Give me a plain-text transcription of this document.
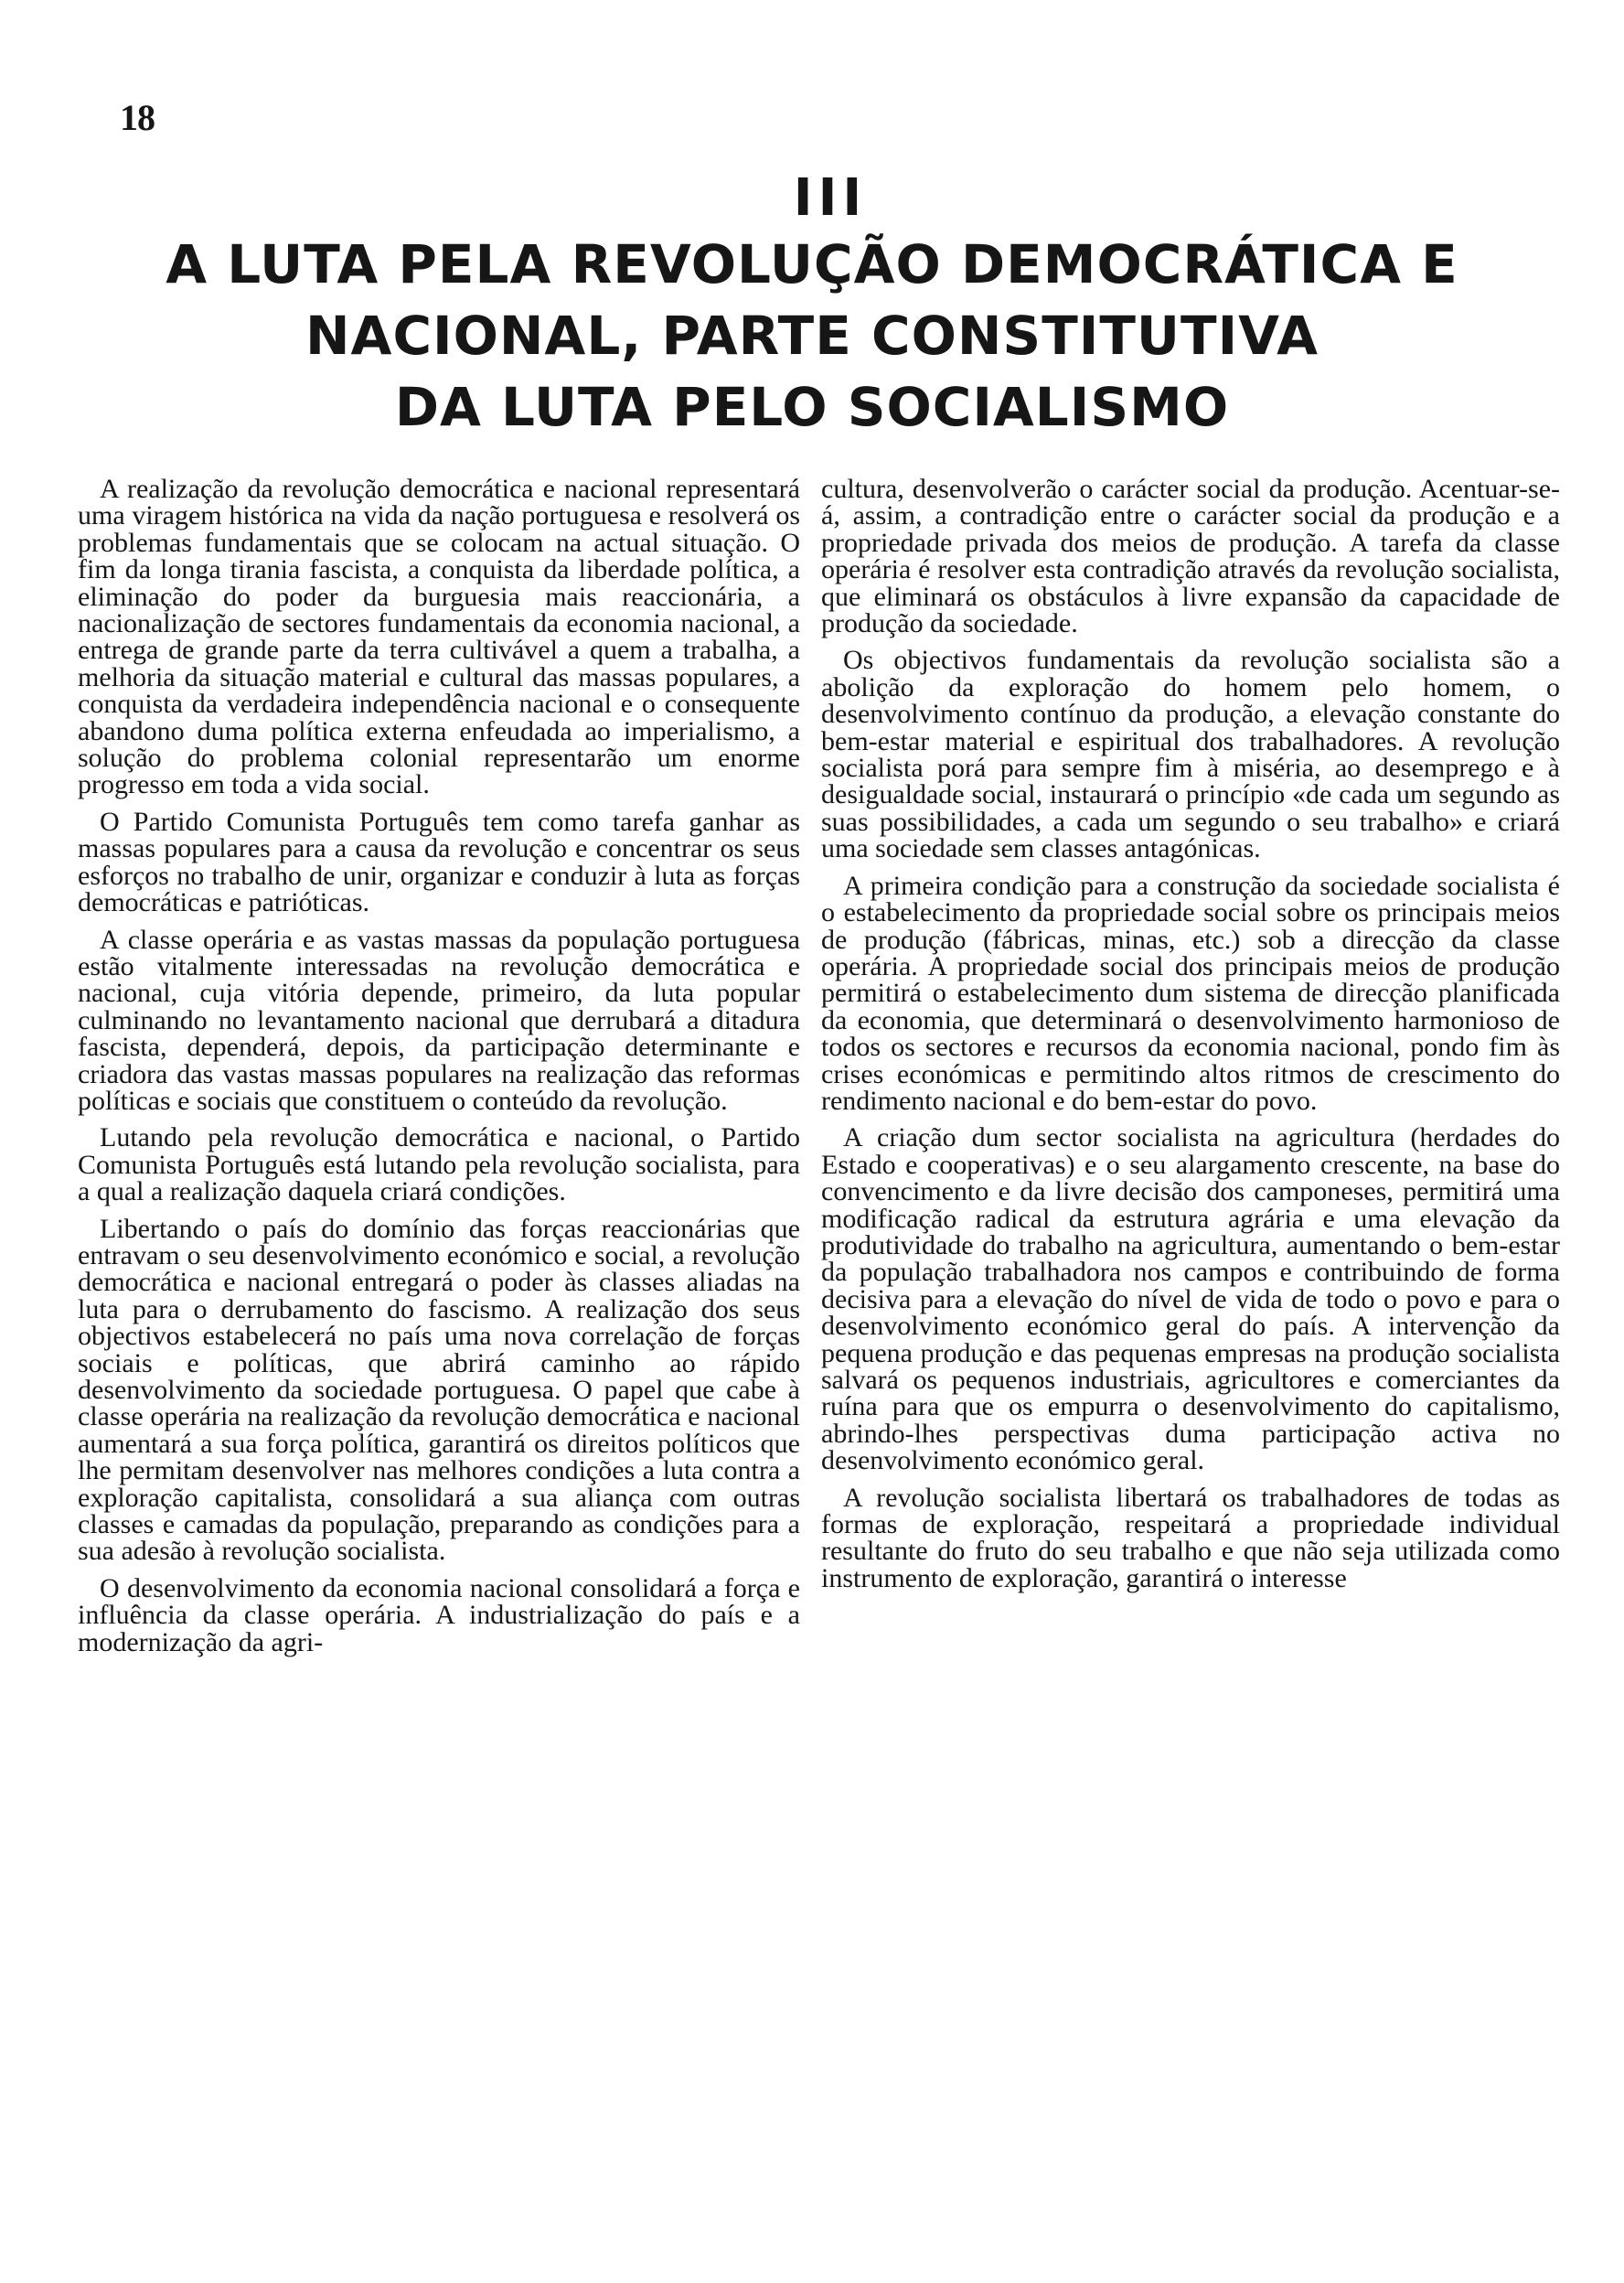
18
III
A LUTA PELA REVOLUÇÃO DEMOCRÁTICA E
NACIONAL, PARTE CONSTITUTIVA
DA LUTA PELO SOCIALISMO

A realização da revolução democrática e nacional representará uma viragem histórica na vida da nação portuguesa e resolverá os problemas fundamentais que se colocam na actual situação. O fim da longa tirania fascista, a conquista da liberdade política, a eliminação do poder da burguesia mais reaccionária, a nacionalização de sectores fundamentais da economia nacional, a entrega de grande parte da terra cultivável a quem a trabalha, a melhoria da situação material e cultural das massas populares, a conquista da verdadeira independência nacional e o consequente abandono duma política externa enfeudada ao imperialismo, a solução do problema colonial representarão um enorme progresso em toda a vida social.

O Partido Comunista Português tem como tarefa ganhar as massas populares para a causa da revolução e concentrar os seus esforços no trabalho de unir, organizar e conduzir à luta as forças democráticas e patrióticas.

A classe operária e as vastas massas da população portuguesa estão vitalmente interessadas na revolução democrática e nacional, cuja vitória depende, primeiro, da luta popular culminando no levantamento nacional que derrubará a ditadura fascista, dependerá, depois, da participação determinante e criadora das vastas massas populares na realização das reformas políticas e sociais que constituem o conteúdo da revolução.

Lutando pela revolução democrática e nacional, o Partido Comunista Português está lutando pela revolução socialista, para a qual a realização daquela criará condições.

Libertando o país do domínio das forças reaccionárias que entravam o seu desenvolvimento económico e social, a revolução democrática e nacional entregará o poder às classes aliadas na luta para o derrubamento do fascismo. A realização dos seus objectivos estabelecerá no país uma nova correlação de forças sociais e políticas, que abrirá caminho ao rápido desenvolvimento da sociedade portuguesa. O papel que cabe à classe operária na realização da revolução democrática e nacional aumentará a sua força política, garantirá os direitos políticos que lhe permitam desenvolver nas melhores condições a luta contra a exploração capitalista, consolidará a sua aliança com outras classes e camadas da população, preparando as condições para a sua adesão à revolução socialista.

O desenvolvimento da economia nacional consolidará a força e influência da classe operária. A industrialização do país e a modernização da agri-

cultura, desenvolverão o carácter social da produção. Acentuar-se-á, assim, a contradição entre o carácter social da produção e a propriedade privada dos meios de produção. A tarefa da classe operária é resolver esta contradição através da revolução socialista, que eliminará os obstáculos à livre expansão da capacidade de produção da sociedade.

Os objectivos fundamentais da revolução socialista são a abolição da exploração do homem pelo homem, o desenvolvimento contínuo da produção, a elevação constante do bem-estar material e espiritual dos trabalhadores. A revolução socialista porá para sempre fim à miséria, ao desemprego e à desigualdade social, instaurará o princípio «de cada um segundo as suas possibilidades, a cada um segundo o seu trabalho» e criará uma sociedade sem classes antagónicas.

A primeira condição para a construção da sociedade socialista é o estabelecimento da propriedade social sobre os principais meios de produção (fábricas, minas, etc.) sob a direcção da classe operária. A propriedade social dos principais meios de produção permitirá o estabelecimento dum sistema de direcção planificada da economia, que determinará o desenvolvimento harmonioso de todos os sectores e recursos da economia nacional, pondo fim às crises económicas e permitindo altos ritmos de crescimento do rendimento nacional e do bem-estar do povo.

A criação dum sector socialista na agricultura (herdades do Estado e cooperativas) e o seu alargamento crescente, na base do convencimento e da livre decisão dos camponeses, permitirá uma modificação radical da estrutura agrária e uma elevação da produtividade do trabalho na agricultura, aumentando o bem-estar da população trabalhadora nos campos e contribuindo de forma decisiva para a elevação do nível de vida de todo o povo e para o desenvolvimento económico geral do país. A intervenção da pequena produção e das pequenas empresas na produção socialista salvará os pequenos industriais, agricultores e comerciantes da ruína para que os empurra o desenvolvimento do capitalismo, abrindo-lhes perspectivas duma participação activa no desenvolvimento económico geral.

A revolução socialista libertará os trabalhadores de todas as formas de exploração, respeitará a propriedade individual resultante do fruto do seu trabalho e que não seja utilizada como instrumento de exploração, garantirá o interesse
